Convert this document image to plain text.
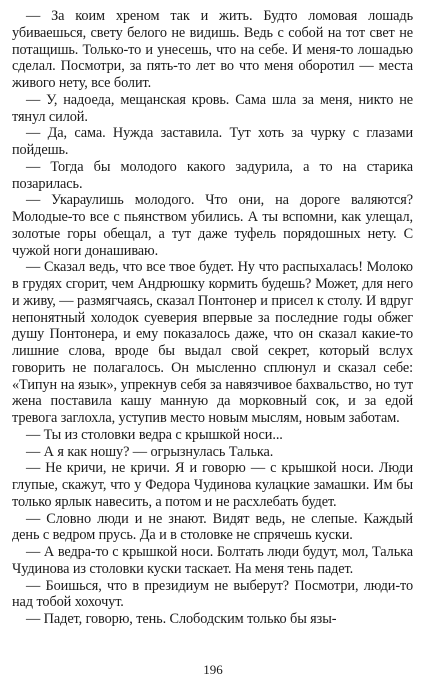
— За коим хреном так и жить. Будто ломовая лошадь убиваешься, свету белого не видишь. Ведь с собой на тот свет не потащишь. Только-то и унесешь, что на себе. И меня-то лошадью сделал. Посмотри, за пять-то лет во что меня оборотил — места живого нету, все болит.

— У, надоеда, мещанская кровь. Сама шла за меня, никто не тянул силой.

— Да, сама. Нужда заставила. Тут хоть за чурку с глазами пойдешь.

— Тогда бы молодого какого задурила, а то на старика позарилась.

— Укараулишь молодого. Что они, на дороге валяются? Молодые-то все с пьянством убились. А ты вспомни, как улещал, золотые горы обещал, а тут даже туфель порядошных нету. С чужой ноги донашиваю.

— Сказал ведь, что все твое будет. Ну что распыхалась! Молоко в грудях сгорит, чем Андрюшку кормить будешь? Может, для него и живу, — размягчаясь, сказал Понтонер и присел к столу. И вдруг непонятный холодок суеверия впервые за последние годы обжег душу Понтонера, и ему показалось даже, что он сказал какие-то лишние слова, вроде бы выдал свой секрет, который вслух говорить не полагалось. Он мысленно сплюнул и сказал себе: «Типун на язык», упрекнув себя за навязчивое бахвальство, но тут жена поставила кашу манную да морковный сок, и за едой тревога заглохла, уступив место новым мыслям, новым заботам.

— Ты из столовки ведра с крышкой носи...

— А я как ношу? — огрызнулась Талька.

— Не кричи, не кричи. Я и говорю — с крышкой носи. Люди глупые, скажут, что у Федора Чудинова кулацкие замашки. Им бы только ярлык навесить, а потом и не расхлебать будет.

— Словно люди и не знают. Видят ведь, не слепые. Каждый день с ведром прусь. Да и в столовке не спрячешь куски.

— А ведра-то с крышкой носи. Болтать люди будут, мол, Талька Чудинова из столовки куски таскает. На меня тень падет.

— Боишься, что в президиум не выберут? Посмотри, люди-то над тобой хохочут.

— Падет, говорю, тень. Слободским только бы язы-

196
